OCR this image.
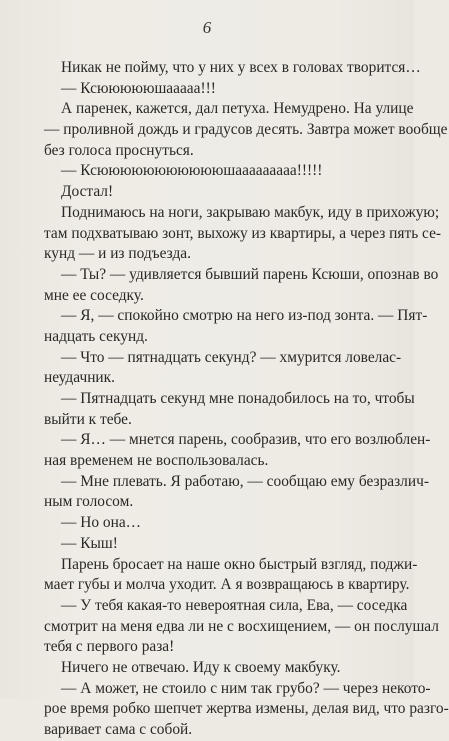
6
Никак не пойму, что у них у всех в головах творится…
— Ксюююююшааааа!!!
А паренек, кажется, дал петуха. Немудрено. На улице
— проливной дождь и градусов десять. Завтра может вообще
без голоса проснуться.
— Ксюююююююююююшааааааааа!!!!!
Достал!
Поднимаюсь на ноги, закрываю макбук, иду в прихожую;
там подхватываю зонт, выхожу из квартиры, а через пять се-
кунд — и из подъезда.
— Ты? — удивляется бывший парень Ксюши, опознав во
мне ее соседку.
— Я, — спокойно смотрю на него из-под зонта. — Пят-
надцать секунд.
— Что — пятнадцать секунд? — хмурится ловелас-
неудачник.
— Пятнадцать секунд мне понадобилось на то, чтобы
выйти к тебе.
— Я… — мнется парень, сообразив, что его возлюблен-
ная временем не воспользовалась.
— Мне плевать. Я работаю, — сообщаю ему безразлич-
ным голосом.
— Но она…
— Кыш!
Парень бросает на наше окно быстрый взгляд, поджи-
мает губы и молча уходит. А я возвращаюсь в квартиру.
— У тебя какая-то невероятная сила, Ева, — соседка
смотрит на меня едва ли не с восхищением, — он послушал
тебя с первого раза!
Ничего не отвечаю. Иду к своему макбуку.
— А может, не стоило с ним так грубо? — через некото-
рое время робко шепчет жертва измены, делая вид, что разго-
варивает сама с собой.
